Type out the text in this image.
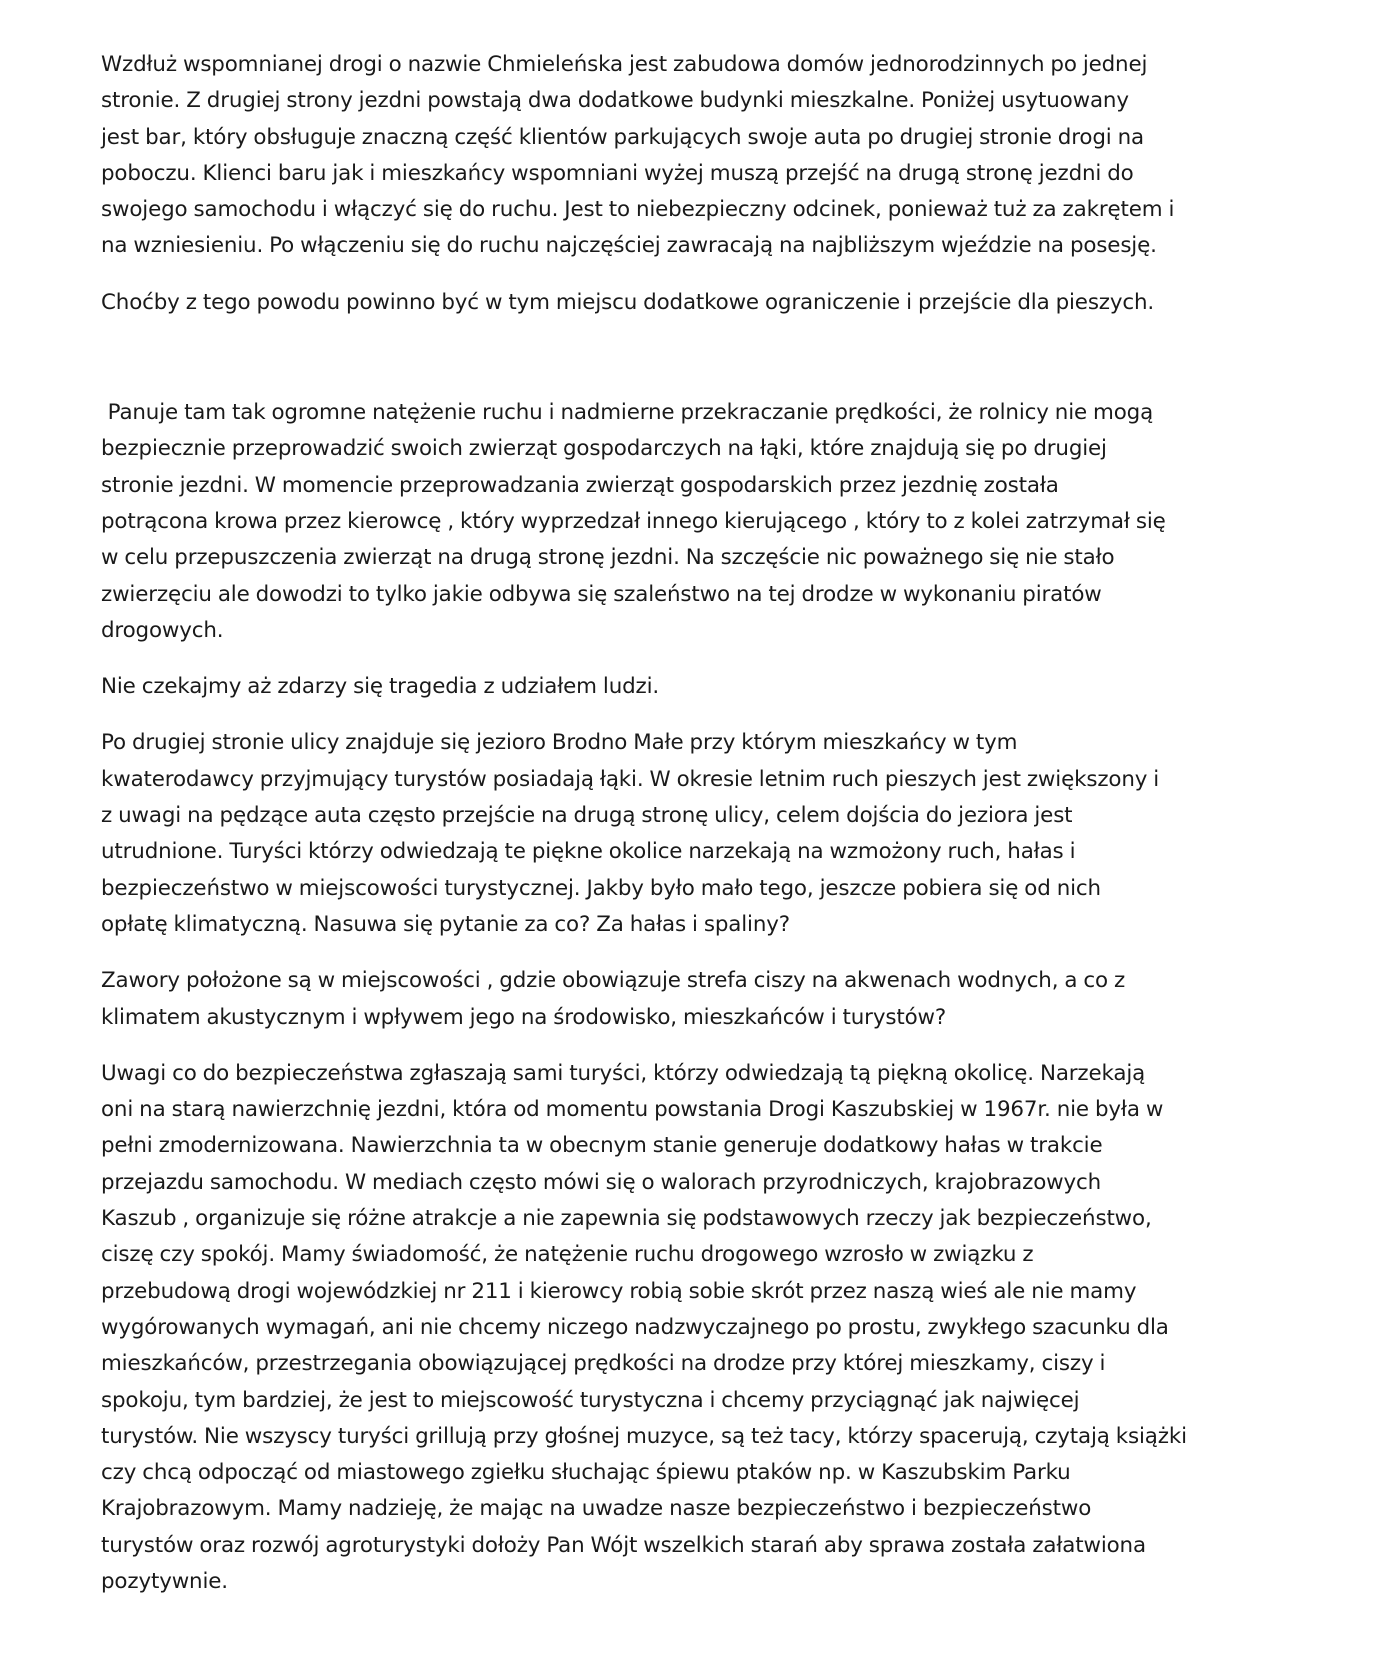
Wzdłuż wspomnianej drogi o nazwie Chmieleńska jest zabudowa domów jednorodzinnych po jednej
stronie. Z drugiej strony jezdni powstają dwa dodatkowe budynki mieszkalne. Poniżej usytuowany
jest bar, który obsługuje znaczną część klientów parkujących swoje auta po drugiej stronie drogi na
poboczu. Klienci baru jak i mieszkańcy wspomniani wyżej muszą przejść na drugą stronę jezdni do
swojego samochodu i włączyć się do ruchu. Jest to niebezpieczny odcinek, ponieważ tuż za zakrętem i
na wzniesieniu. Po włączeniu się do ruchu najczęściej zawracają na najbliższym wjeździe na posesję.

Choćby z tego powodu powinno być w tym miejscu dodatkowe ograniczenie i przejście dla pieszych.

Panuje tam tak ogromne natężenie ruchu i nadmierne przekraczanie prędkości, że rolnicy nie mogą
bezpiecznie przeprowadzić swoich zwierząt gospodarczych na łąki, które znajdują się po drugiej
stronie jezdni. W momencie przeprowadzania zwierząt gospodarskich przez jezdnię została
potrącona krowa przez kierowcę , który wyprzedzał innego kierującego , który to z kolei zatrzymał się
w celu przepuszczenia zwierząt na drugą stronę jezdni. Na szczęście nic poważnego się nie stało
zwierzęciu ale dowodzi to tylko jakie odbywa się szaleństwo na tej drodze w wykonaniu piratów
drogowych.

Nie czekajmy aż zdarzy się tragedia z udziałem ludzi.

Po drugiej stronie ulicy znajduje się jezioro Brodno Małe przy którym mieszkańcy w tym
kwaterodawcy przyjmujący turystów posiadają łąki. W okresie letnim ruch pieszych jest zwiększony i
z uwagi na pędzące auta często przejście na drugą stronę ulicy, celem dojścia do jeziora jest
utrudnione. Turyści którzy odwiedzają te piękne okolice narzekają na wzmożony ruch, hałas i
bezpieczeństwo w miejscowości turystycznej. Jakby było mało tego, jeszcze pobiera się od nich
opłatę klimatyczną. Nasuwa się pytanie za co? Za hałas i spaliny?

Zawory położone są w miejscowości , gdzie obowiązuje strefa ciszy na akwenach wodnych, a co z
klimatem akustycznym i wpływem jego na środowisko, mieszkańców i turystów?

Uwagi co do bezpieczeństwa zgłaszają sami turyści, którzy odwiedzają tą piękną okolicę. Narzekają
oni na starą nawierzchnię jezdni, która od momentu powstania Drogi Kaszubskiej w 1967r. nie była w
pełni zmodernizowana. Nawierzchnia ta w obecnym stanie generuje dodatkowy hałas w trakcie
przejazdu samochodu. W mediach często mówi się o walorach przyrodniczych, krajobrazowych
Kaszub , organizuje się różne atrakcje a nie zapewnia się podstawowych rzeczy jak bezpieczeństwo,
ciszę czy spokój. Mamy świadomość, że natężenie ruchu drogowego wzrosło w związku z
przebudową drogi wojewódzkiej nr 211 i kierowcy robią sobie skrót przez naszą wieś ale nie mamy
wygórowanych wymagań, ani nie chcemy niczego nadzwyczajnego po prostu, zwykłego szacunku dla
mieszkańców, przestrzegania obowiązującej prędkości na drodze przy której mieszkamy, ciszy i
spokoju, tym bardziej, że jest to miejscowość turystyczna i chcemy przyciągnąć jak najwięcej
turystów. Nie wszyscy turyści grillują przy głośnej muzyce, są też tacy, którzy spacerują, czytają książki
czy chcą odpocząć od miastowego zgiełku słuchając śpiewu ptaków np. w Kaszubskim Parku
Krajobrazowym. Mamy nadzieję, że mając na uwadze nasze bezpieczeństwo i bezpieczeństwo
turystów oraz rozwój agroturystyki dołoży Pan Wójt wszelkich starań aby sprawa została załatwiona
pozytywnie.
